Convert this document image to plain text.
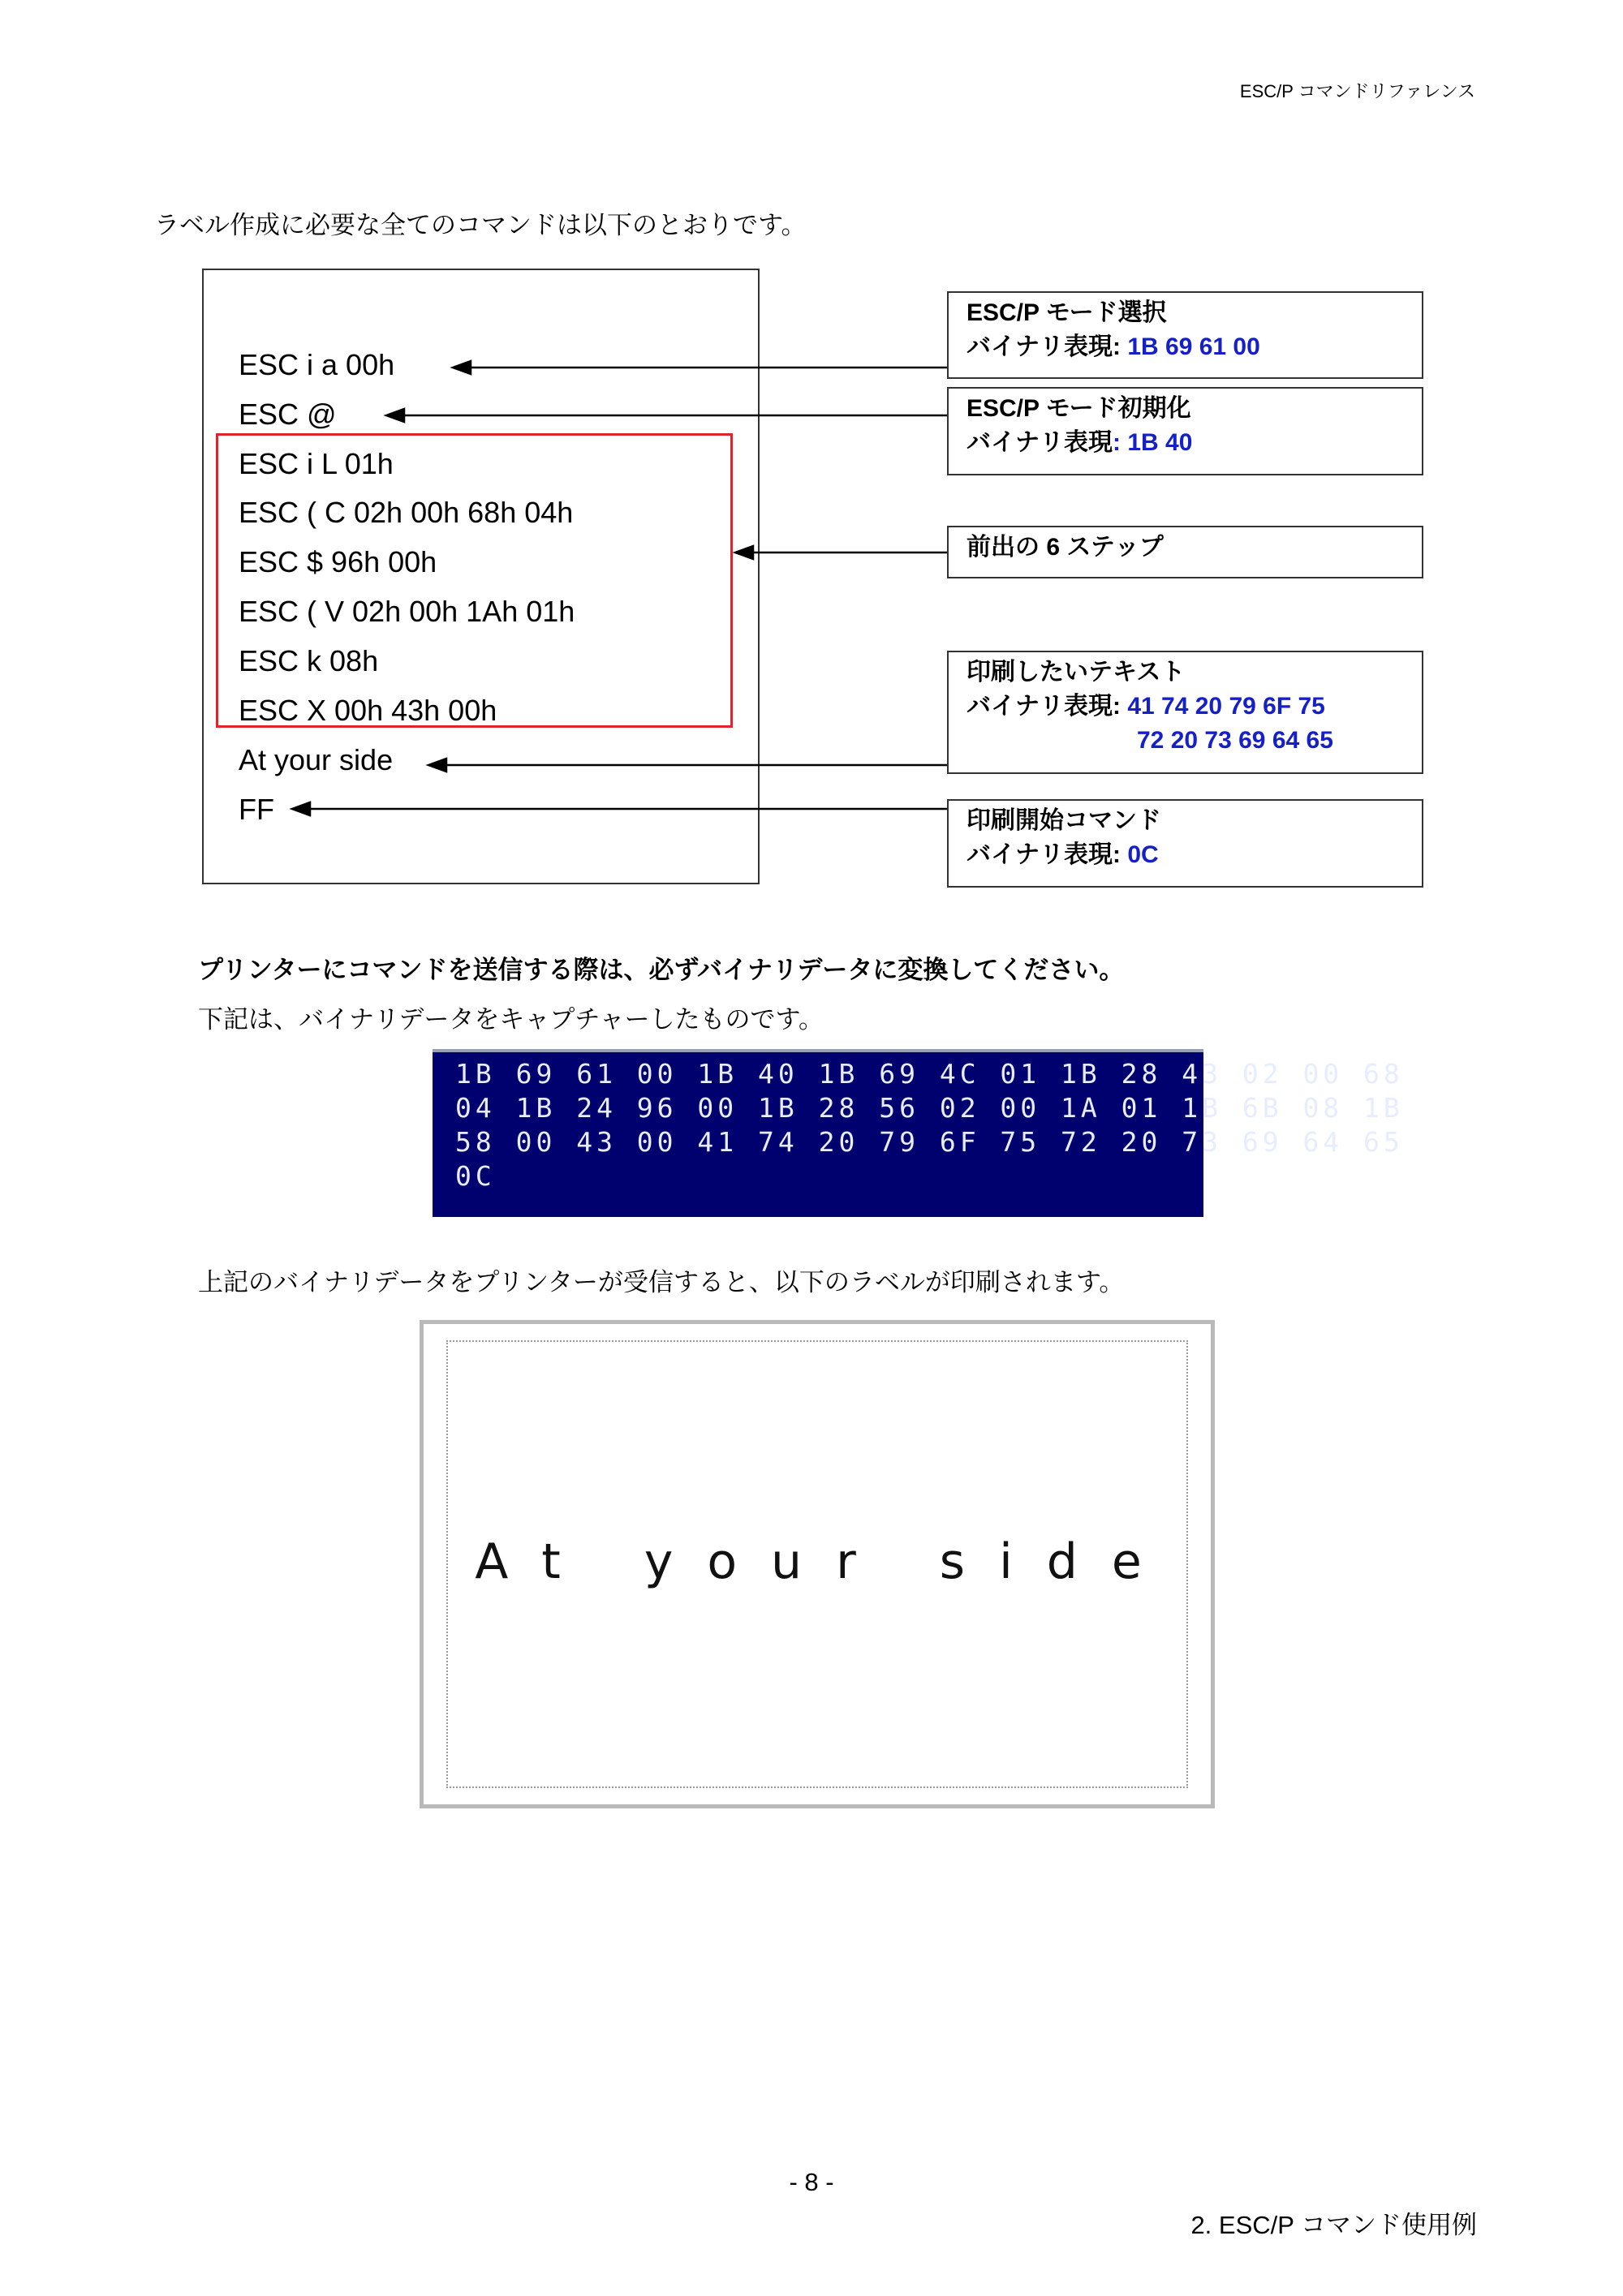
ESC/P コマンドリファレンス
ラベル作成に必要な全てのコマンドは以下のとおりです。
ESC i a 00h
ESC @
ESC i L 01h
ESC ( C 02h 00h 68h 04h
ESC $ 96h 00h
ESC ( V 02h 00h 1Ah 01h
ESC k 08h
ESC X 00h 43h 00h
At your side
FF
ESC/P モード選択
バイナリ表現: 1B 69 61 00
ESC/P モード初期化
バイナリ表現: 1B 40
前出の 6 ステップ
印刷したいテキスト
バイナリ表現: 41 74 20 79 6F 75
72 20 73 69 64 65
印刷開始コマンド
バイナリ表現: 0C
プリンターにコマンドを送信する際は、必ずバイナリデータに変換してください。
下記は、バイナリデータをキャプチャーしたものです。
1B 69 61 00 1B 40 1B 69 4C 01 1B 28 43 02 00 68
04 1B 24 96 00 1B 28 56 02 00 1A 01 1B 6B 08 1B
58 00 43 00 41 74 20 79 6F 75 72 20 73 69 64 65
0C
上記のバイナリデータをプリンターが受信すると、以下のラベルが印刷されます。
At your side
- 8 -
2. ESC/P コマンド使用例
